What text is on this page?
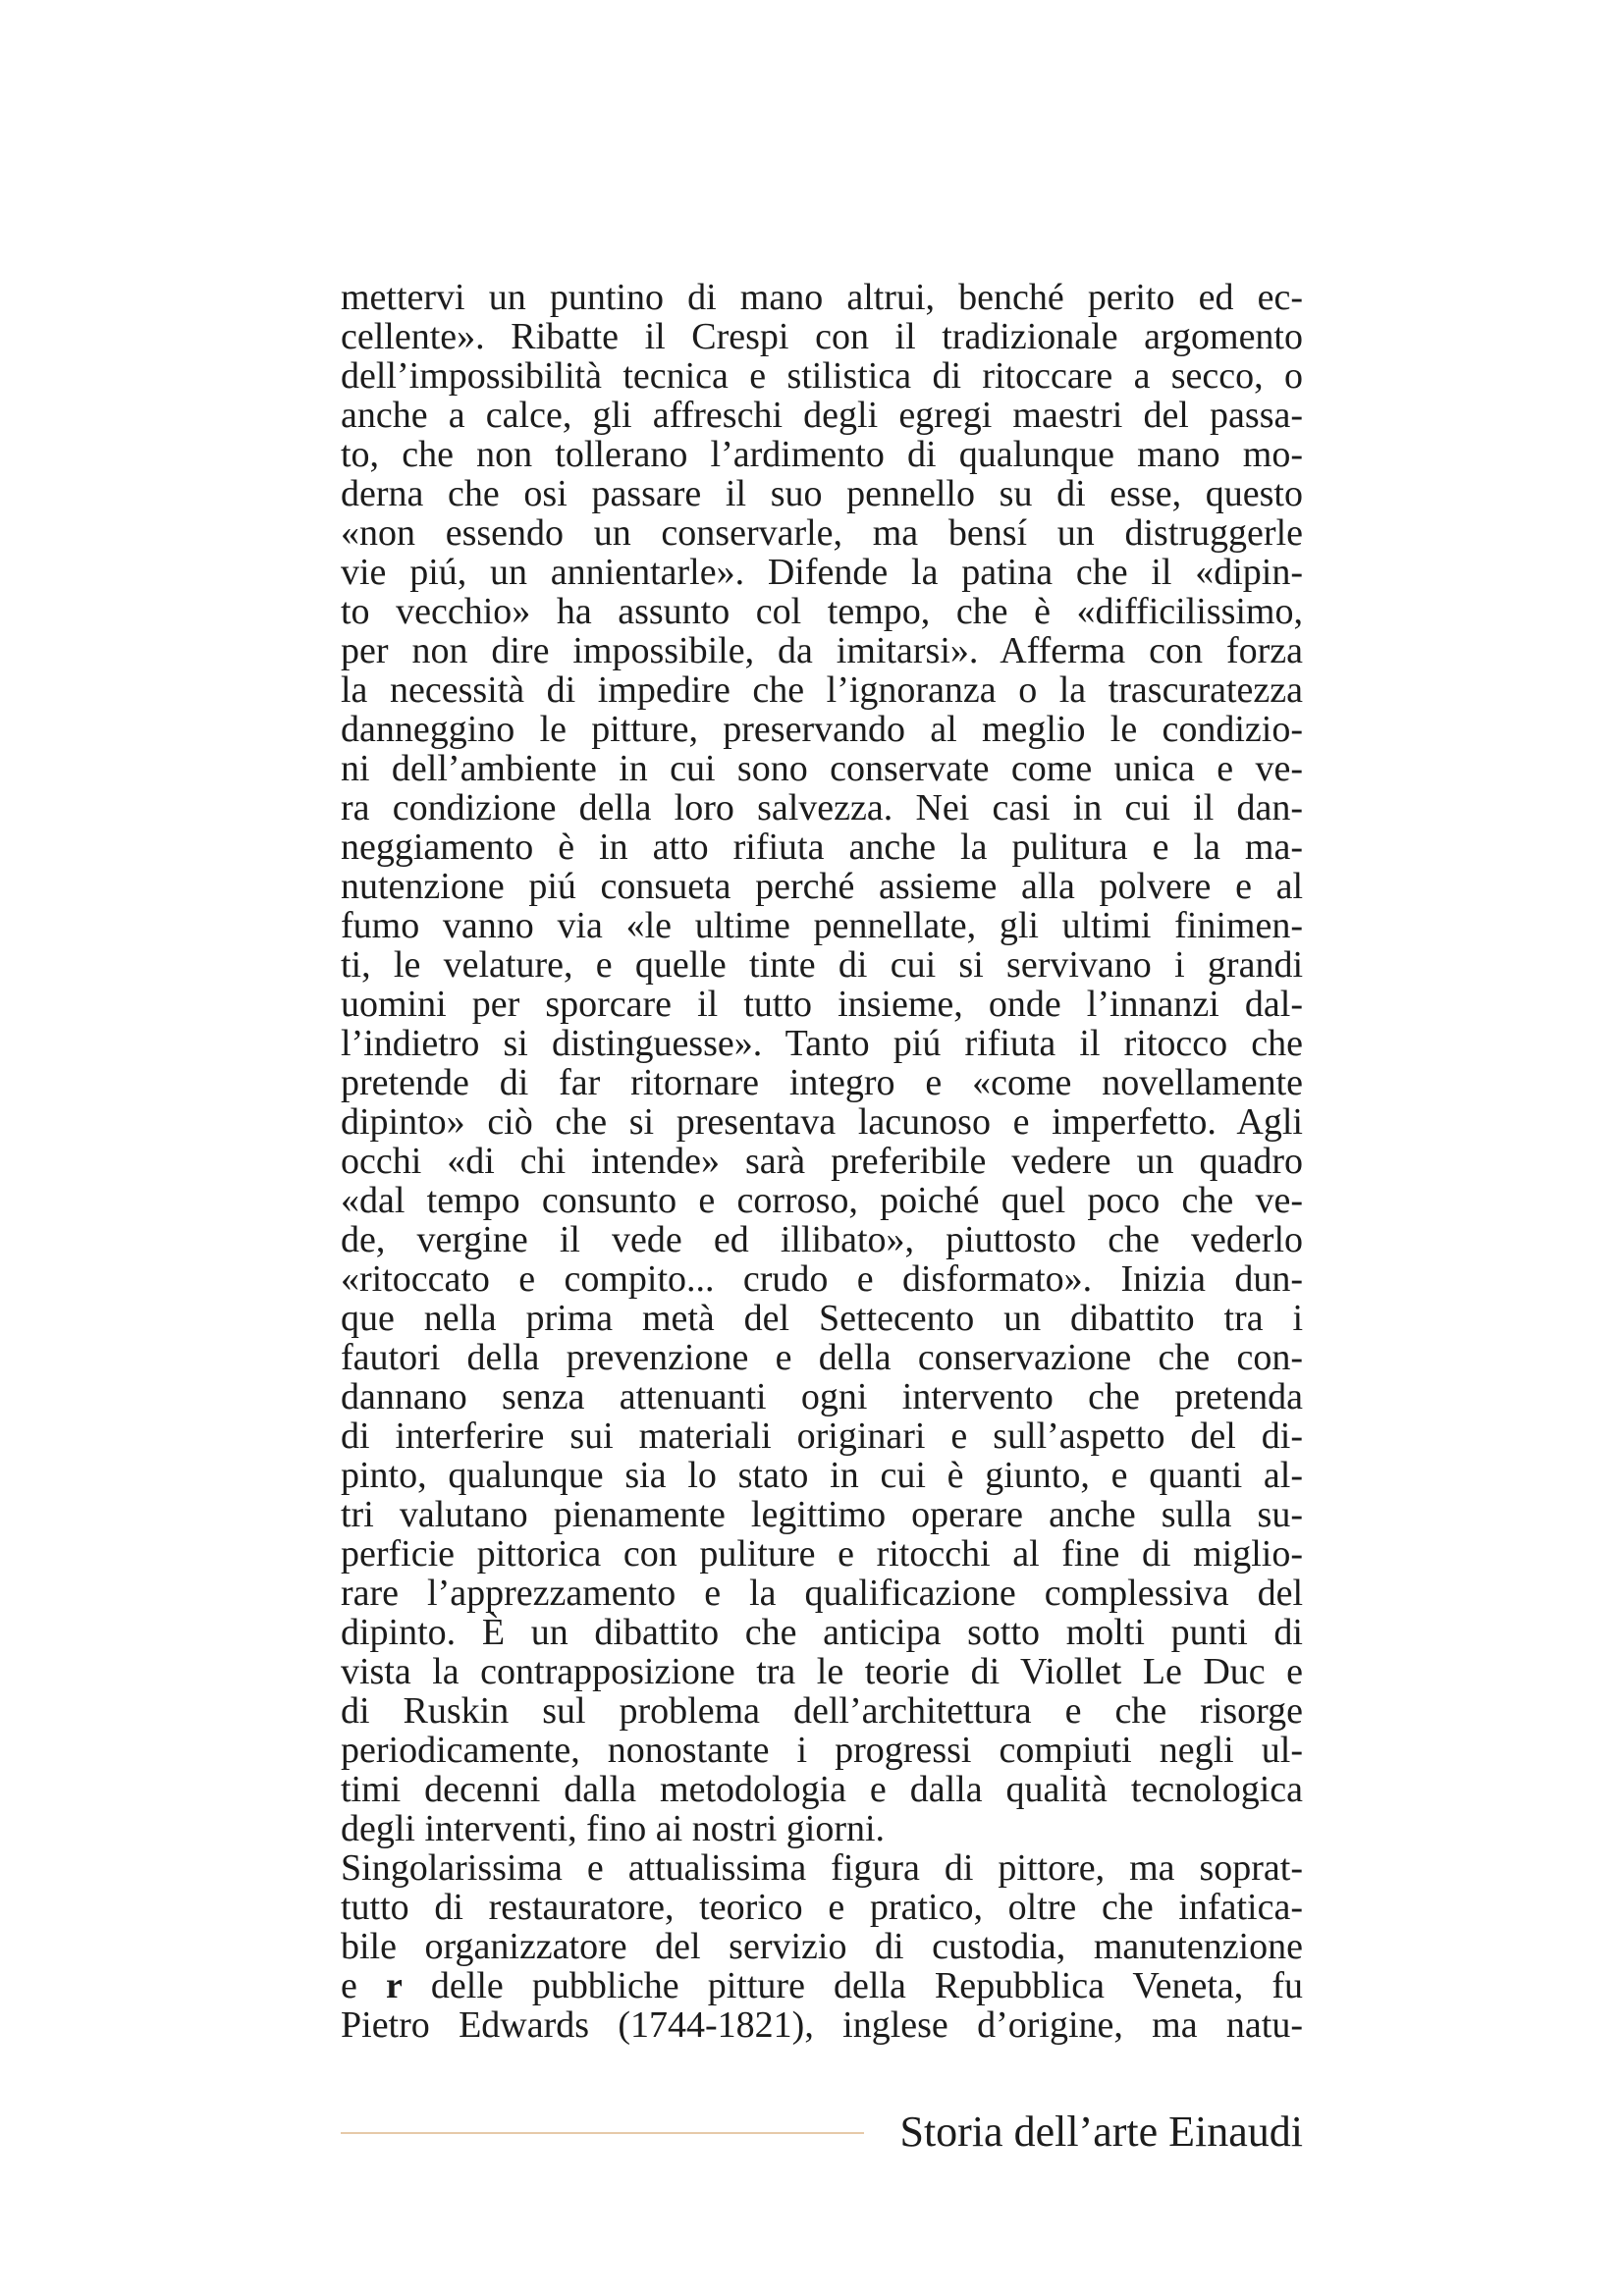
mettervi un puntino di mano altrui, benché perito ed ec-
cellente». Ribatte il Crespi con il tradizionale argomento
dell’impossibilità tecnica e stilistica di ritoccare a secco, o
anche a calce, gli affreschi degli egregi maestri del passa-
to, che non tollerano l’ardimento di qualunque mano mo-
derna che osi passare il suo pennello su di esse, questo
«non essendo un conservarle, ma bensí un distruggerle
vie piú, un annientarle». Difende la patina che il «dipin-
to vecchio» ha assunto col tempo, che è «difficilissimo,
per non dire impossibile, da imitarsi». Afferma con forza
la necessità di impedire che l’ignoranza o la trascuratezza
danneggino le pitture, preservando al meglio le condizio-
ni dell’ambiente in cui sono conservate come unica e ve-
ra condizione della loro salvezza. Nei casi in cui il dan-
neggiamento è in atto rifiuta anche la pulitura e la ma-
nutenzione piú consueta perché assieme alla polvere e al
fumo vanno via «le ultime pennellate, gli ultimi finimen-
ti, le velature, e quelle tinte di cui si servivano i grandi
uomini per sporcare il tutto insieme, onde l’innanzi dal-
l’indietro si distinguesse». Tanto piú rifiuta il ritocco che
pretende di far ritornare integro e «come novellamente
dipinto» ciò che si presentava lacunoso e imperfetto. Agli
occhi «di chi intende» sarà preferibile vedere un quadro
«dal tempo consunto e corroso, poiché quel poco che ve-
de, vergine il vede ed illibato», piuttosto che vederlo
«ritoccato e compito... crudo e disformato». Inizia dun-
que nella prima metà del Settecento un dibattito tra i
fautori della prevenzione e della conservazione che con-
dannano senza attenuanti ogni intervento che pretenda
di interferire sui materiali originari e sull’aspetto del di-
pinto, qualunque sia lo stato in cui è giunto, e quanti al-
tri valutano pienamente legittimo operare anche sulla su-
perficie pittorica con puliture e ritocchi al fine di miglio-
rare l’apprezzamento e la qualificazione complessiva del
dipinto. È un dibattito che anticipa sotto molti punti di
vista la contrapposizione tra le teorie di Viollet Le Duc e
di Ruskin sul problema dell’architettura e che risorge
periodicamente, nonostante i progressi compiuti negli ul-
timi decenni dalla metodologia e dalla qualità tecnologica
degli interventi, fino ai nostri giorni.
Singolarissima e attualissima figura di pittore, ma soprat-
tutto di restauratore, teorico e pratico, oltre che infatica-
bile organizzatore del servizio di custodia, manutenzione
e r delle pubbliche pitture della Repubblica Veneta, fu
Pietro Edwards (1744-1821), inglese d’origine, ma natu-
Storia dell’arte Einaudi
